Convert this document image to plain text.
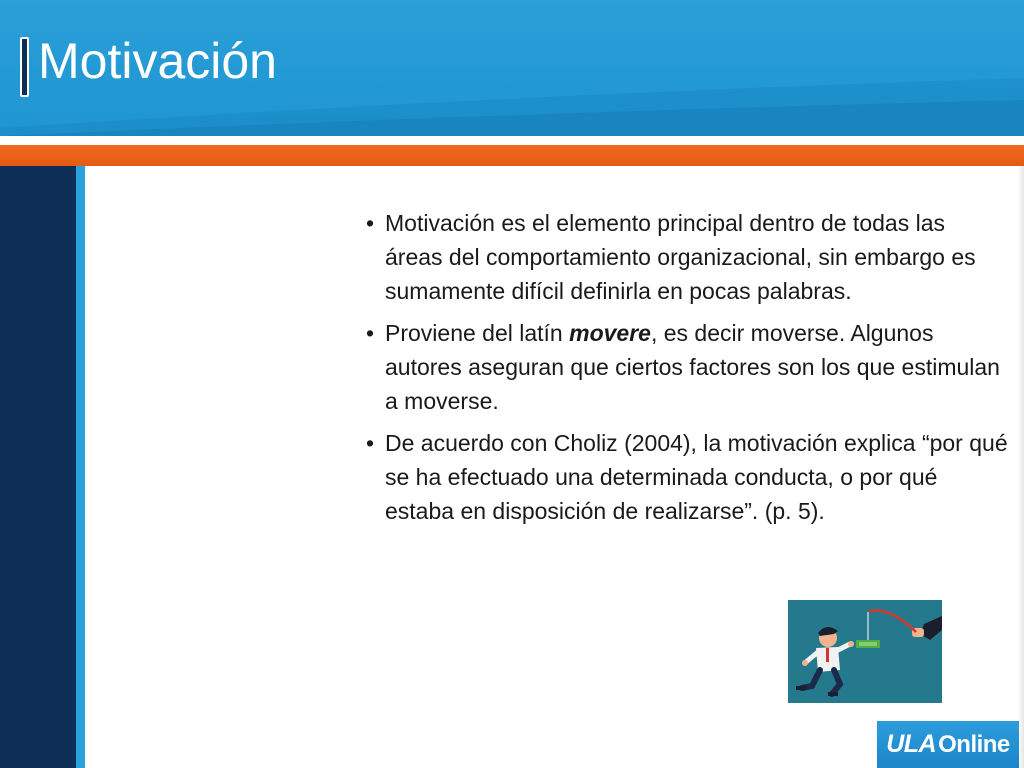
Motivación
• Motivación es el elemento principal dentro de todas las áreas del comportamiento organizacional, sin embargo es sumamente difícil definirla en pocas palabras.
• Proviene del latín movere, es decir moverse. Algunos autores aseguran que ciertos factores son los que estimulan a moverse.
• De acuerdo con Choliz (2004), la motivación explica “por qué se ha efectuado una determinada conducta, o por qué estaba en disposición de realizarse”. (p. 5).
ULAOnline
